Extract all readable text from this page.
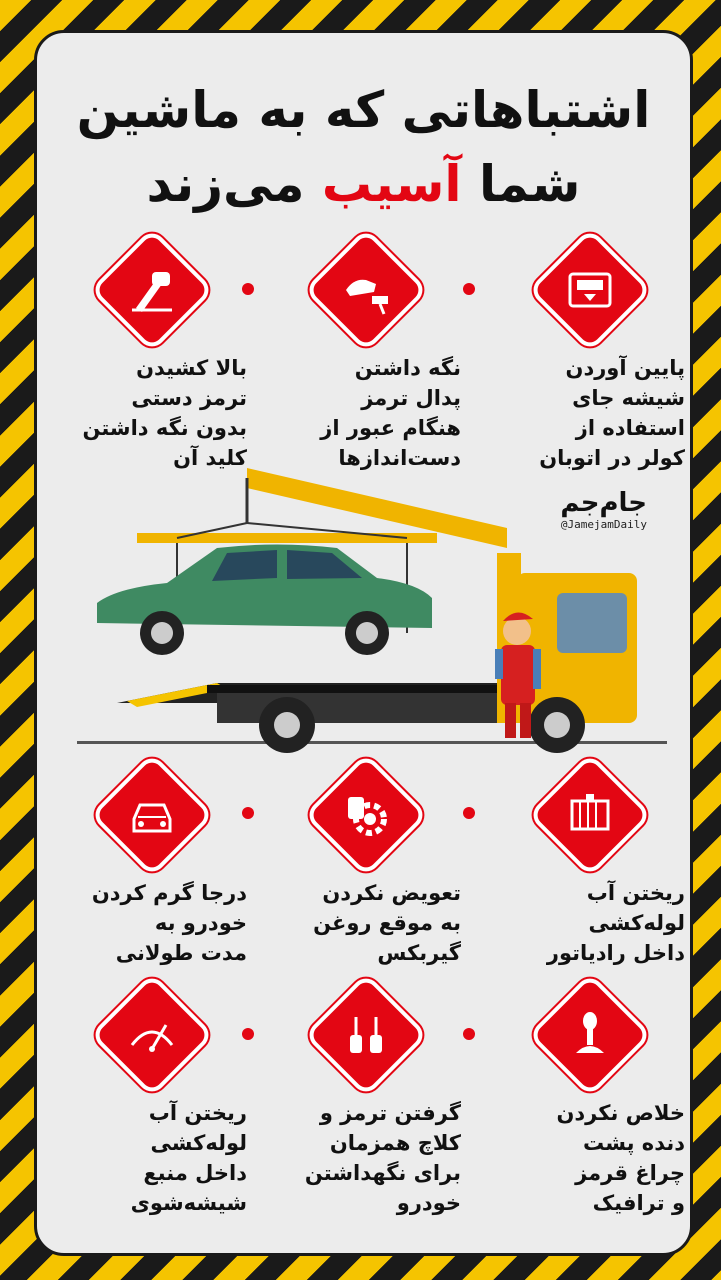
اشتباهاتی که به ماشین
شما آسیب می‌زند
پایین آوردن
شیشه جای
استفاده از
کولر در اتوبان
نگه داشتن
پدال ترمز
هنگام عبور از
دست‌اندازها
بالا کشیدن
ترمز دستی
بدون نگه داشتن
کلید آن
جام‌جم
@JamejamDaily
ریختن آب
لوله‌کشی
داخل رادیاتور
تعویض نکردن
به موقع روغن
گیربکس
درجا گرم کردن
خودرو به
مدت طولانی
خلاص نکردن
دنده پشت
چراغ قرمز
و ترافیک
گرفتن ترمز و
کلاچ همزمان
برای نگهداشتن
خودرو
ریختن آب
لوله‌کشی
داخل منبع
شیشه‌شوی
